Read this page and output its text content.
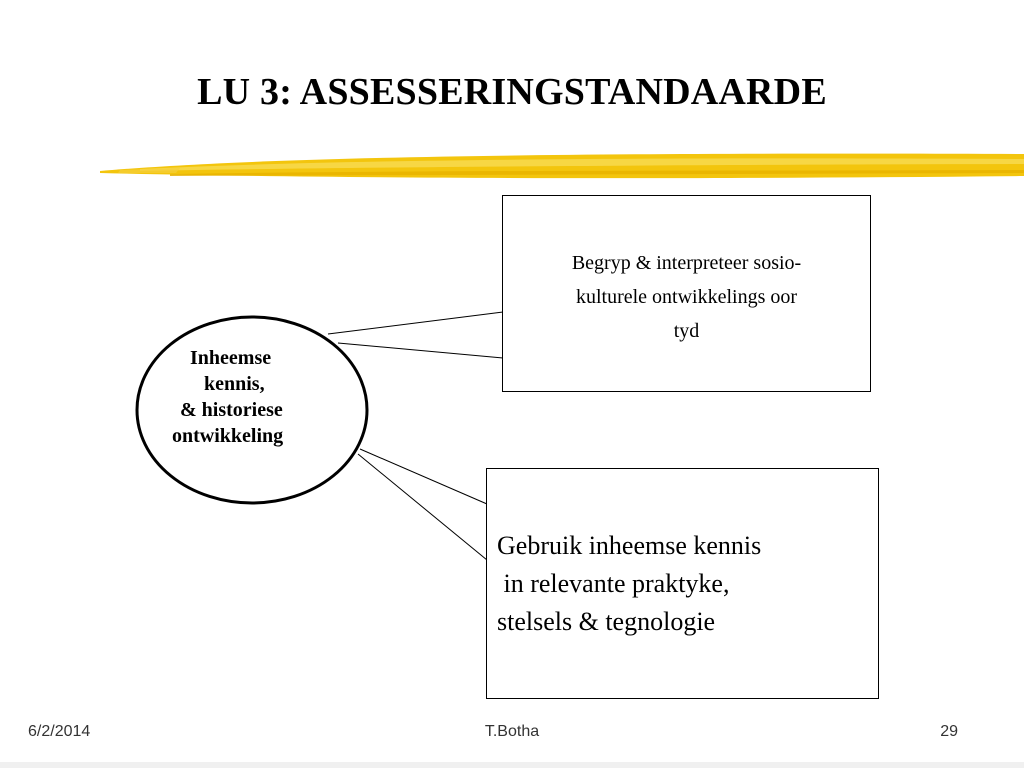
LU 3: ASSESSERINGSTANDAARDE
Inheemse
kennis,
& historiese
ontwikkeling
Begryp & interpreteer sosio-
kulturele ontwikkelings oor
tyd
Gebruik inheemse kennis
in relevante praktyke,
stelsels & tegnologie
6/2/2014	T.Botha	29
